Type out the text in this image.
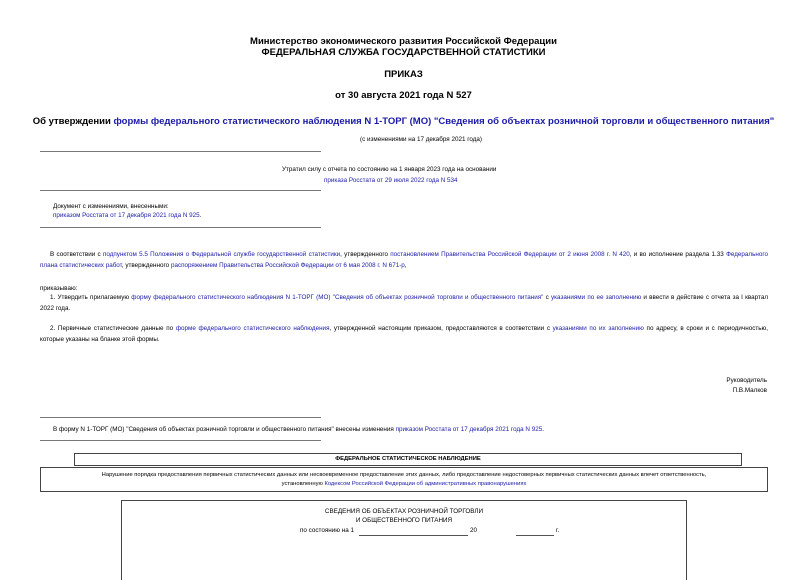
Министерство экономического развития Российской Федерации
ФЕДЕРАЛЬНАЯ СЛУЖБА ГОСУДАРСТВЕННОЙ СТАТИСТИКИ
ПРИКАЗ
от 30 августа 2021 года N 527
Об утверждении формы федерального статистического наблюдения N 1-ТОРГ (МО) "Сведения об объектах розничной торговли и общественного питания"
(с изменениями на 17 декабря 2021 года)
Утратил силу с отчета по состоянию на 1 января 2023 года на основании
приказа Росстата от 29 июля 2022 года N 534
Документ с изменениями, внесенными:
приказом Росстата от 17 декабря 2021 года N 925.
В соответствии с подпунктом 5.5 Положения о Федеральной службе государственной статистики, утвержденного постановлением Правительства Российской Федерации от 2 июня 2008 г. N 420, и во исполнение раздела 1.33 Федерального плана статистических работ, утвержденного распоряжением Правительства Российской Федерации от 6 мая 2008 г. N 671-р,
приказываю:
1. Утвердить прилагаемую форму федерального статистического наблюдения N 1-ТОРГ (МО) "Сведения об объектах розничной торговли и общественного питания" с указаниями по ее заполнению и ввести в действие с отчета за I квартал 2022 года.
2. Первичные статистические данные по форме федерального статистического наблюдения, утвержденной настоящим приказом, предоставляются в соответствии с указаниями по их заполнению по адресу, в сроки и с периодичностью, которые указаны на бланке этой формы.
Руководитель
П.В.Малков
В форму N 1-ТОРГ (МО) "Сведения об объектах розничной торговли и общественного питания" внесены изменения приказом Росстата от 17 декабря 2021 года N 925.
ФЕДЕРАЛЬНОЕ СТАТИСТИЧЕСКОЕ НАБЛЮДЕНИЕ
Нарушение порядка предоставления первичных статистических данных или несвоевременное предоставление этих данных, либо предоставление недостоверных первичных статистических данных влечет ответственность,
установленную Кодексом Российской Федерации об административных правонарушениях
СВЕДЕНИЯ ОБ ОБЪЕКТАХ РОЗНИЧНОЙ ТОРГОВЛИ
И ОБЩЕСТВЕННОГО ПИТАНИЯ
по состоянию на 1	20	г.
